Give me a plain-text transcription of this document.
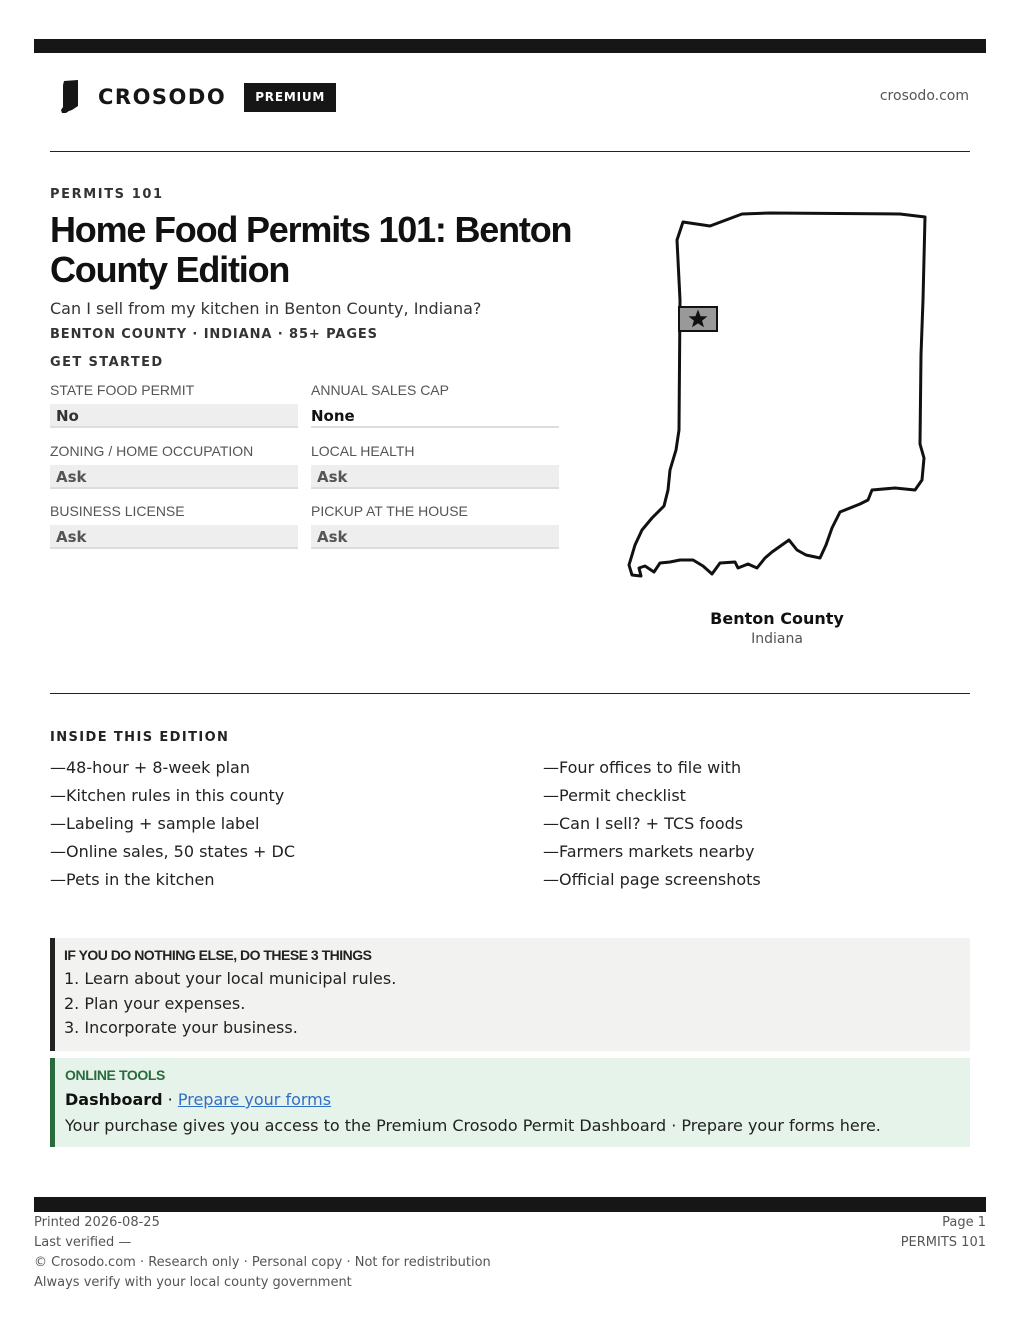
CROSODO	PREMIUM	crosodo.com
PERMITS 101
Home Food Permits 101: Benton County Edition
Can I sell from my kitchen in Benton County, Indiana?
BENTON COUNTY · INDIANA · 85+ PAGES
GET STARTED
STATE FOOD PERMIT
No
ANNUAL SALES CAP
None
ZONING / HOME OCCUPATION
Ask
LOCAL HEALTH
Ask
BUSINESS LICENSE
Ask
PICKUP AT THE HOUSE
Ask
Benton County
Indiana
INSIDE THIS EDITION
—48-hour + 8-week plan
—Kitchen rules in this county
—Labeling + sample label
—Online sales, 50 states + DC
—Pets in the kitchen
—Four offices to file with
—Permit checklist
—Can I sell? + TCS foods
—Farmers markets nearby
—Official page screenshots
IF YOU DO NOTHING ELSE, DO THESE 3 THINGS
1. Learn about your local municipal rules.
2. Plan your expenses.
3. Incorporate your business.
ONLINE TOOLS
Dashboard · Prepare your forms
Your purchase gives you access to the Premium Crosodo Permit Dashboard · Prepare your forms here.
Printed 2026-08-25
Last verified —
© Crosodo.com · Research only · Personal copy · Not for redistribution
Always verify with your local county government
Page 1
PERMITS 101
